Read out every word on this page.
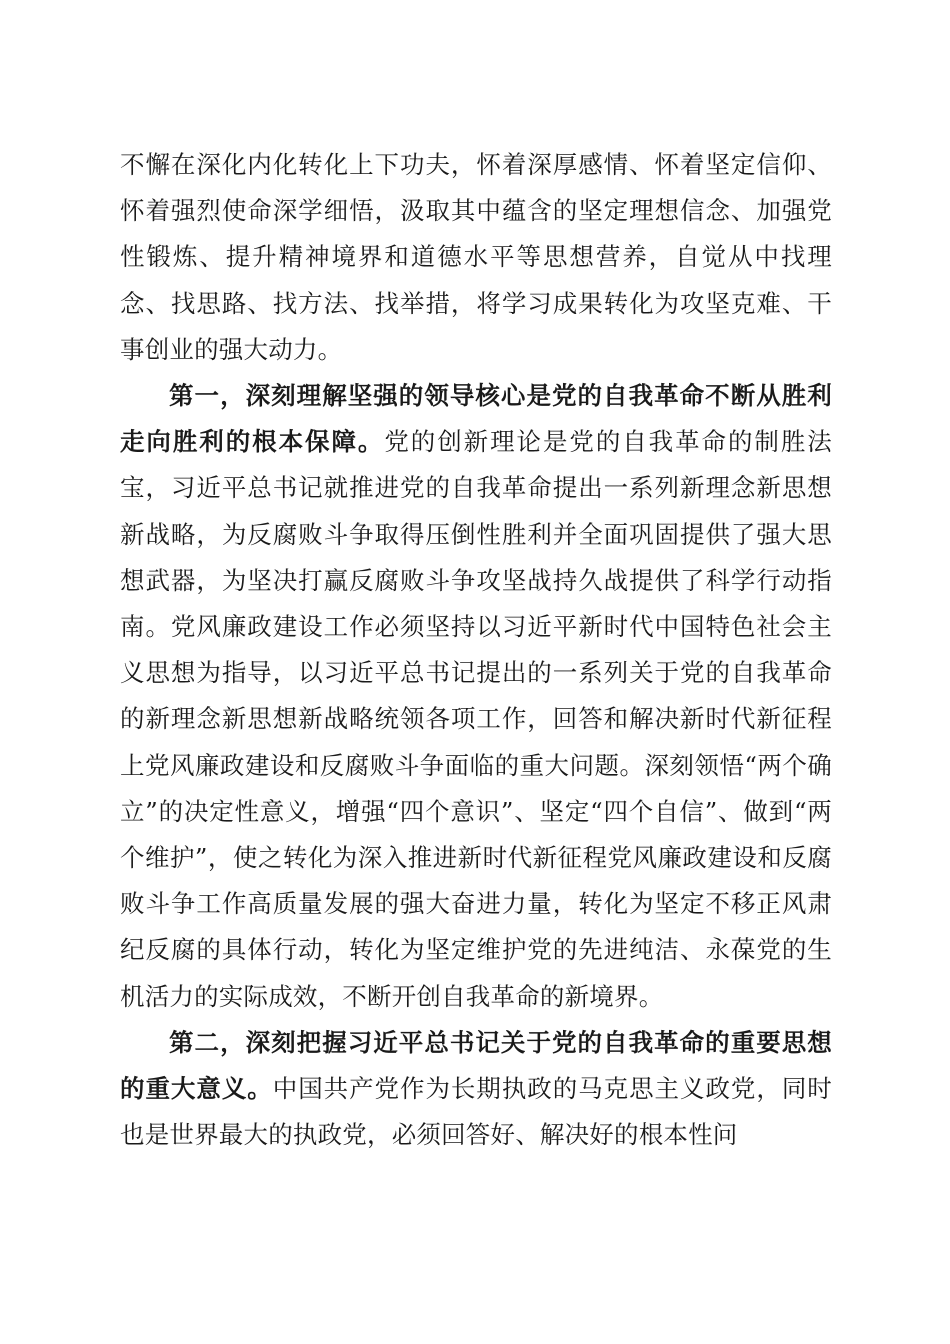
不懈在深化内化转化上下功夫，怀着深厚感情、怀着坚定信仰、怀着强烈使命深学细悟，汲取其中蕴含的坚定理想信念、加强党性锻炼、提升精神境界和道德水平等思想营养，自觉从中找理念、找思路、找方法、找举措，将学习成果转化为攻坚克难、干事创业的强大动力。

第一，深刻理解坚强的领导核心是党的自我革命不断从胜利走向胜利的根本保障。党的创新理论是党的自我革命的制胜法宝，习近平总书记就推进党的自我革命提出一系列新理念新思想新战略，为反腐败斗争取得压倒性胜利并全面巩固提供了强大思想武器，为坚决打赢反腐败斗争攻坚战持久战提供了科学行动指南。党风廉政建设工作必须坚持以习近平新时代中国特色社会主义思想为指导，以习近平总书记提出的一系列关于党的自我革命的新理念新思想新战略统领各项工作，回答和解决新时代新征程上党风廉政建设和反腐败斗争面临的重大问题。深刻领悟“两个确立”的决定性意义，增强“四个意识”、坚定“四个自信”、做到“两个维护”，使之转化为深入推进新时代新征程党风廉政建设和反腐败斗争工作高质量发展的强大奋进力量，转化为坚定不移正风肃纪反腐的具体行动，转化为坚定维护党的先进纯洁、永葆党的生机活力的实际成效，不断开创自我革命的新境界。

第二，深刻把握习近平总书记关于党的自我革命的重要思想的重大意义。中国共产党作为长期执政的马克思主义政党，同时也是世界最大的执政党，必须回答好、解决好的根本性问
